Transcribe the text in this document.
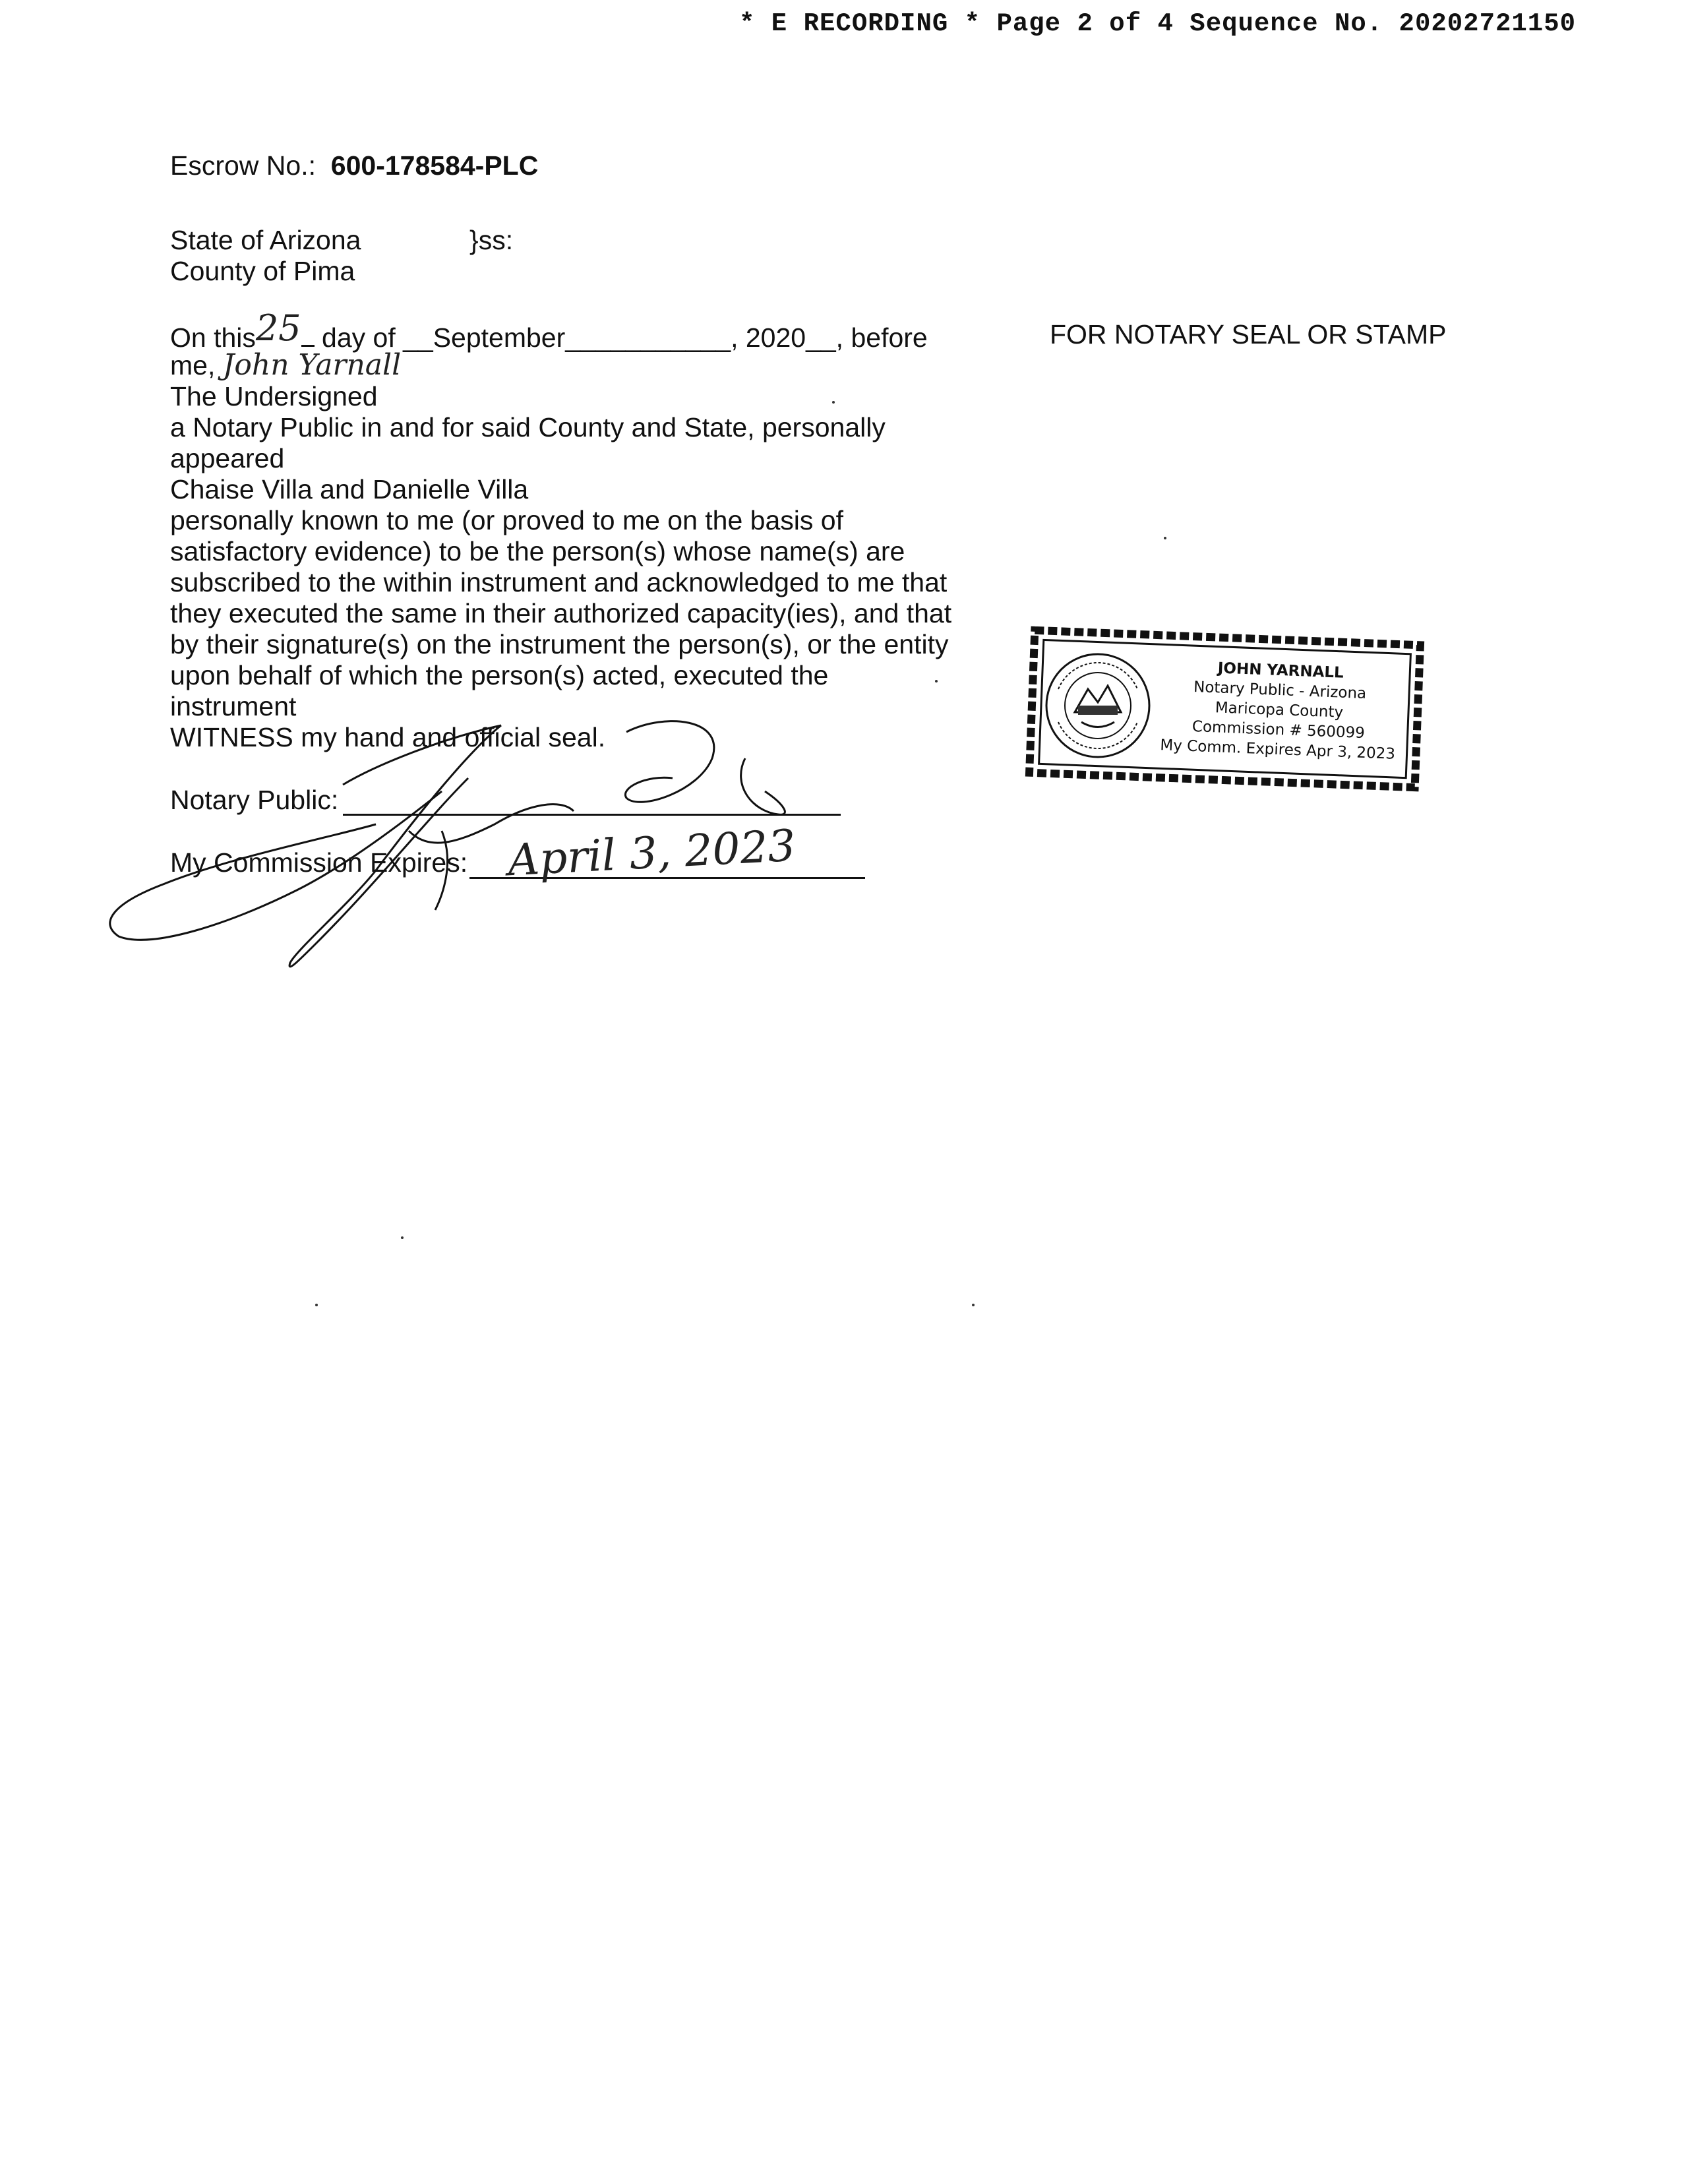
* E RECORDING * Page 2 of 4 Sequence No. 20202721150
Escrow No.: 600-178584-PLC
State of Arizona	}ss:
County of Pima
On this25 day of __September___________, 2020__, before
me, John Yarnall
The Undersigned
a Notary Public in and for said County and State, personally
appeared
Chaise Villa and Danielle Villa
personally known to me (or proved to me on the basis of
satisfactory evidence) to be the person(s) whose name(s) are
subscribed to the within instrument and acknowledged to me that
they executed the same in their authorized capacity(ies), and that
by their signature(s) on the instrument the person(s), or the entity
upon behalf of which the person(s) acted, executed the
instrument
WITNESS my hand and official seal.
Notary Public:
My Commission Expires: April 3, 2023
FOR NOTARY SEAL OR STAMP
JOHN YARNALL
Notary Public - Arizona
Maricopa County
Commission # 560099
My Comm. Expires Apr 3, 2023
